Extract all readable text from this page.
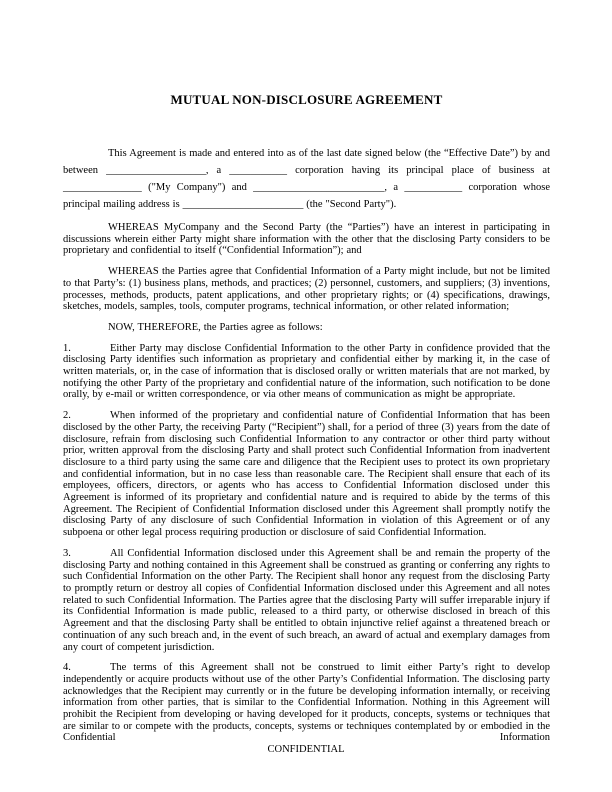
MUTUAL NON-DISCLOSURE AGREEMENT

This Agreement is made and entered into as of the last date signed below (the “Effective Date”) by and between ___________________, a ___________ corporation having its principal place of business at _______________ ("My Company") and _________________________, a ___________ corporation whose principal mailing address is _______________________ (the "Second Party").

WHEREAS MyCompany and the Second Party (the “Parties”) have an interest in participating in discussions wherein either Party might share information with the other that the disclosing Party considers to be proprietary and confidential to itself (“Confidential Information”); and

WHEREAS the Parties agree that Confidential Information of a Party might include, but not be limited to that Party’s: (1) business plans, methods, and practices; (2) personnel, customers, and suppliers; (3) inventions, processes, methods, products, patent applications, and other proprietary rights; or (4) specifications, drawings, sketches, models, samples, tools, computer programs, technical information, or other related information;

NOW, THEREFORE, the Parties agree as follows:

1.	Either Party may disclose Confidential Information to the other Party in confidence provided that the disclosing Party identifies such information as proprietary and confidential either by marking it, in the case of written materials, or, in the case of information that is disclosed orally or written materials that are not marked, by notifying the other Party of the proprietary and confidential nature of the information, such notification to be done orally, by e-mail or written correspondence, or via other means of communication as might be appropriate.

2.	When informed of the proprietary and confidential nature of Confidential Information that has been disclosed by the other Party, the receiving Party (“Recipient”) shall, for a period of three (3) years from the date of disclosure, refrain from disclosing such Confidential Information to any contractor or other third party without prior, written approval from the disclosing Party and shall protect such Confidential Information from inadvertent disclosure to a third party using the same care and diligence that the Recipient uses to protect its own proprietary and confidential information, but in no case less than reasonable care. The Recipient shall ensure that each of its employees, officers, directors, or agents who has access to Confidential Information disclosed under this Agreement is informed of its proprietary and confidential nature and is required to abide by the terms of this Agreement. The Recipient of Confidential Information disclosed under this Agreement shall promptly notify the disclosing Party of any disclosure of such Confidential Information in violation of this Agreement or of any subpoena or other legal process requiring production or disclosure of said Confidential Information.

3.	All Confidential Information disclosed under this Agreement shall be and remain the property of the disclosing Party and nothing contained in this Agreement shall be construed as granting or conferring any rights to such Confidential Information on the other Party. The Recipient shall honor any request from the disclosing Party to promptly return or destroy all copies of Confidential Information disclosed under this Agreement and all notes related to such Confidential Information. The Parties agree that the disclosing Party will suffer irreparable injury if its Confidential Information is made public, released to a third party, or otherwise disclosed in breach of this Agreement and that the disclosing Party shall be entitled to obtain injunctive relief against a threatened breach or continuation of any such breach and, in the event of such breach, an award of actual and exemplary damages from any court of competent jurisdiction.

4.	The terms of this Agreement shall not be construed to limit either Party’s right to develop independently or acquire products without use of the other Party’s Confidential Information. The disclosing party acknowledges that the Recipient may currently or in the future be developing information internally, or receiving information from other parties, that is similar to the Confidential Information. Nothing in this Agreement will prohibit the Recipient from developing or having developed for it products, concepts, systems or techniques that are similar to or compete with the products, concepts, systems or techniques contemplated by or embodied in the Confidential Information

CONFIDENTIAL
